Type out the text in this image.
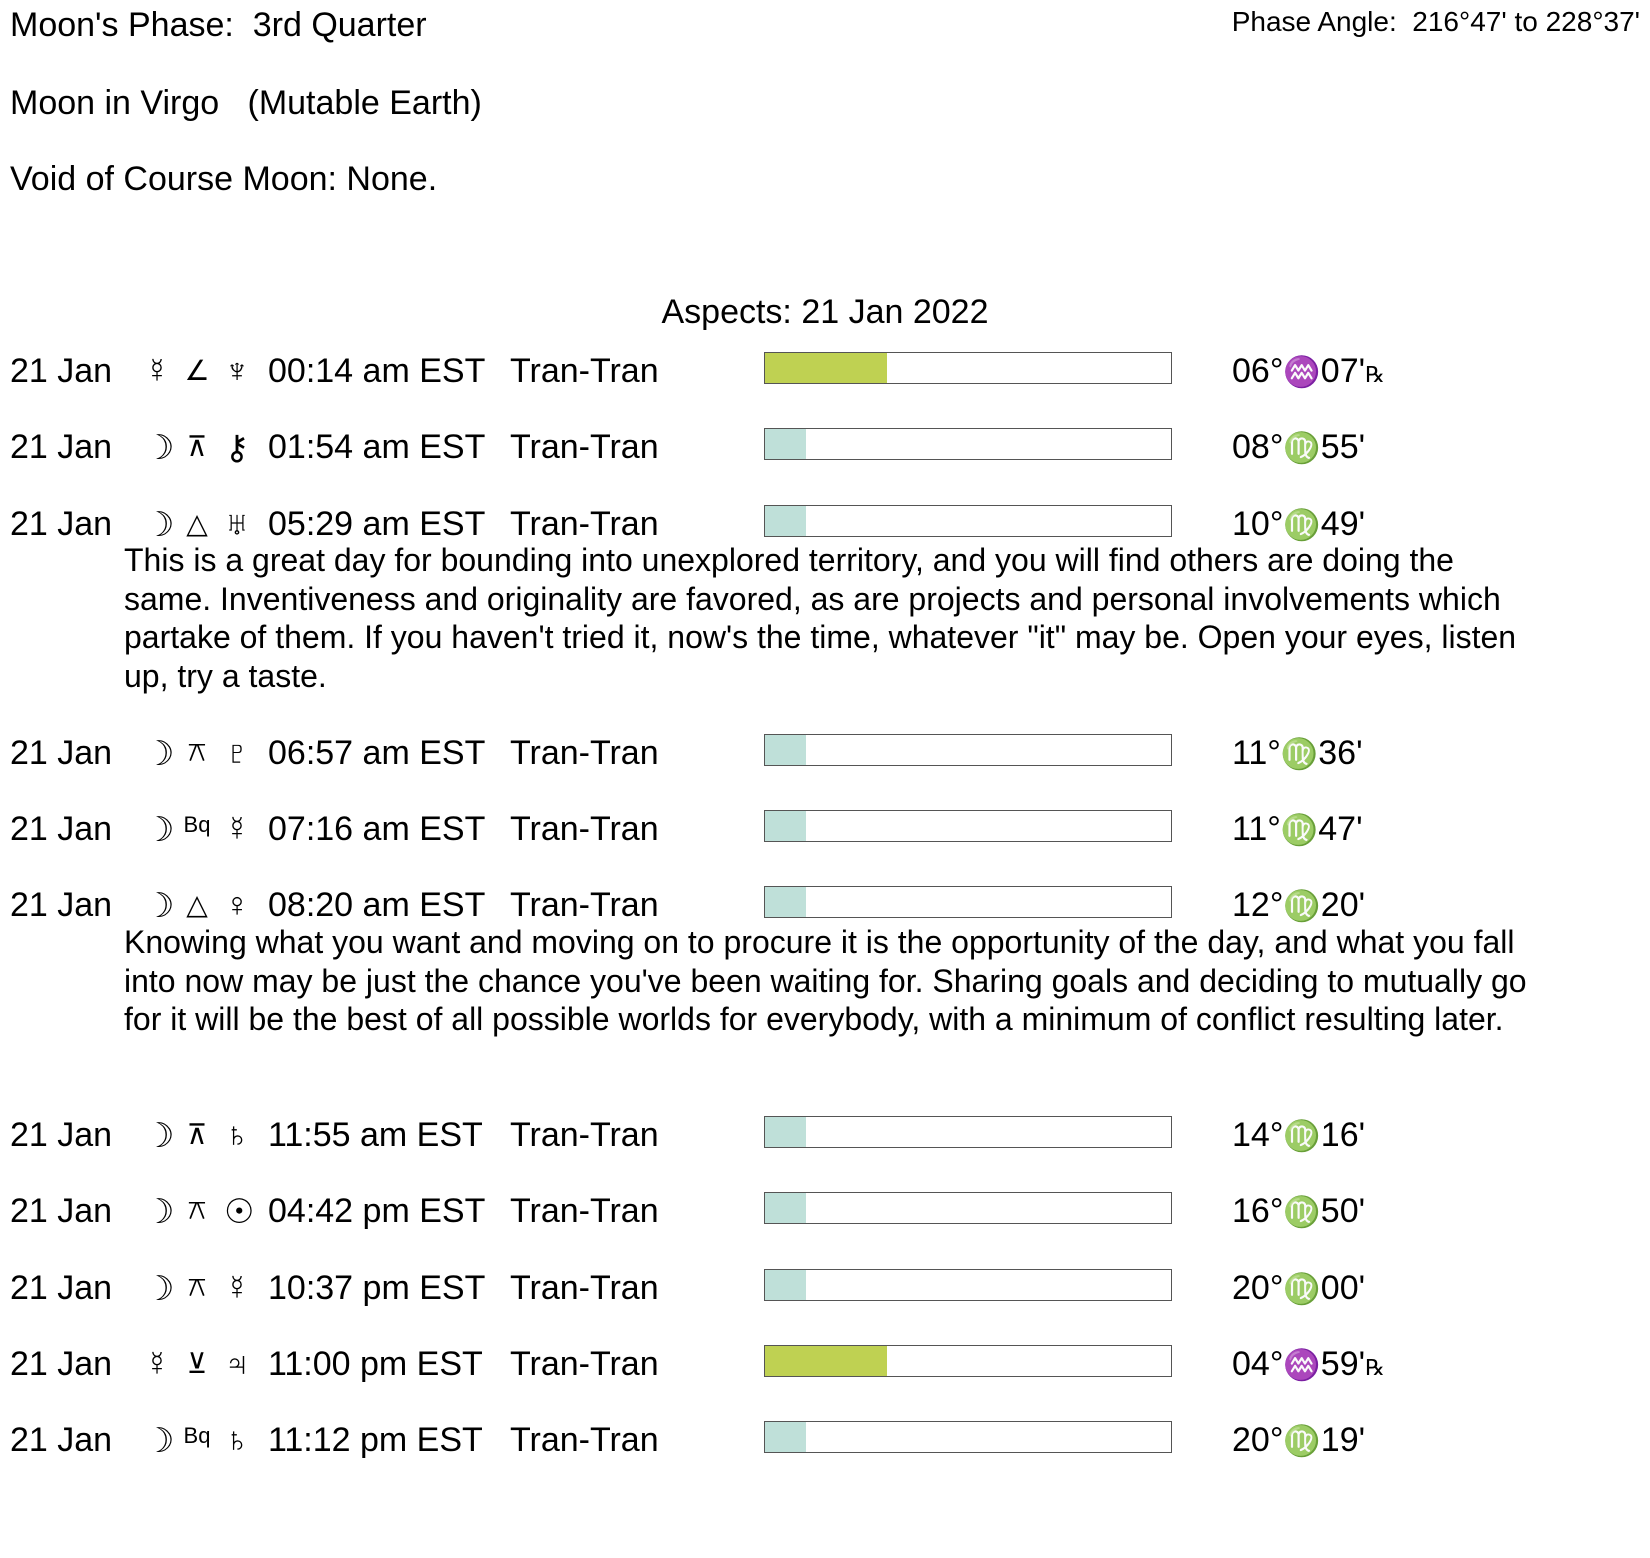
Moon's Phase:  3rd Quarter	Phase Angle:  216°47' to 228°37'
Moon in Virgo   (Mutable Earth)
Void of Course Moon: None.
Aspects: 21 Jan 2022
21 Jan ☿ ∠ ♆ 00:14 am EST Tran-Tran	06°♒07'℞
21 Jan ☽ ⊼ ⚷ 01:54 am EST Tran-Tran	08°♍55'
21 Jan ☽ △ ♅ 05:29 am EST Tran-Tran	10°♍49'
This is a great day for bounding into unexplored territory, and you will find others are doing the same. Inventiveness and originality are favored, as are projects and personal involvements which partake of them. If you haven't tried it, now's the time, whatever "it" may be. Open your eyes, listen up, try a taste.
21 Jan ☽ ⚻ ♇ 06:57 am EST Tran-Tran	11°♍36'
21 Jan ☽ Bq ☿ 07:16 am EST Tran-Tran	11°♍47'
21 Jan ☽ △ ♀ 08:20 am EST Tran-Tran	12°♍20'
Knowing what you want and moving on to procure it is the opportunity of the day, and what you fall into now may be just the chance you've been waiting for. Sharing goals and deciding to mutually go for it will be the best of all possible worlds for everybody, with a minimum of conflict resulting later.
21 Jan ☽ ⊼ ♄ 11:55 am EST Tran-Tran	14°♍16'
21 Jan ☽ ⚻ ☉ 04:42 pm EST Tran-Tran	16°♍50'
21 Jan ☽ ⚻ ☿ 10:37 pm EST Tran-Tran	20°♍00'
21 Jan ☿ ⊻ ♃ 11:00 pm EST Tran-Tran	04°♒59'℞
21 Jan ☽ Bq ♄ 11:12 pm EST Tran-Tran	20°♍19'
